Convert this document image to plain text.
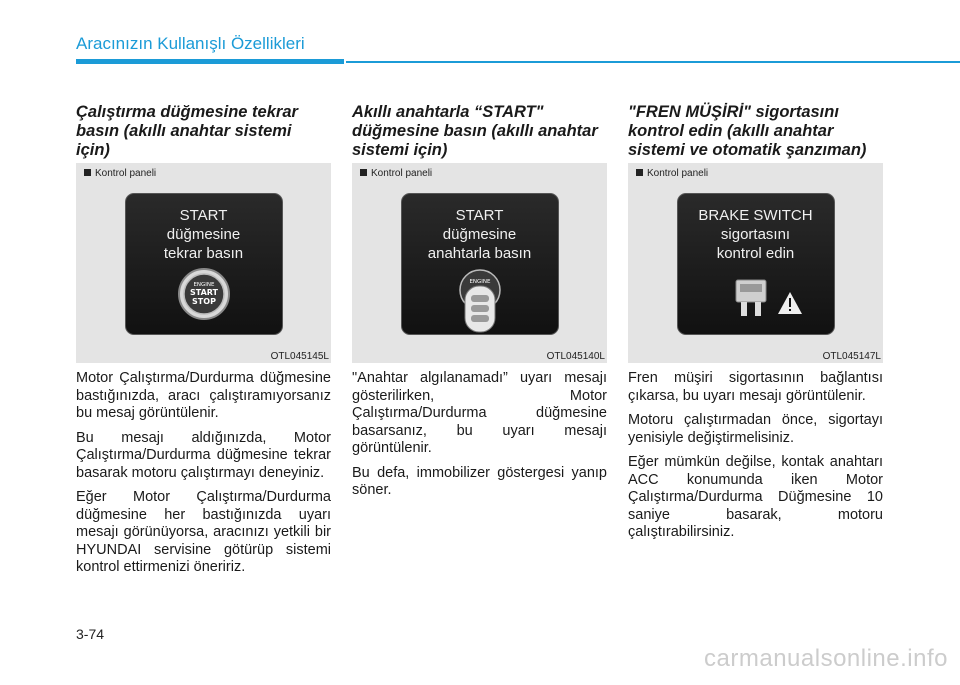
Aracınızın Kullanışlı Özellikleri
Çalıştırma düğmesine tekrar
basın (akıllı anahtar sistemi
için)
Kontrol paneli
START
düğmesine
tekrar basın
ENGINE
START
STOP
OTL045145L

Motor Çalıştırma/Durdurma düğmesine bastığınızda, aracı çalıştıramıyorsanız bu mesaj görüntülenir.

Bu mesajı aldığınızda, Motor Çalıştırma/Durdurma düğmesine tekrar basarak motoru çalıştırmayı deneyiniz.

Eğer Motor Çalıştırma/Durdurma düğmesine her bastığınızda uyarı mesajı görünüyorsa, aracınızı yetkili bir HYUNDAI servisine götürüp sistemi kontrol ettirmenizi öneririz.

Akıllı anahtarla “START"
düğmesine basın (akıllı anahtar
sistemi için)
Kontrol paneli
START
düğmesine
anahtarla basın
ENGINE
OTL045140L

"Anahtar algılanamadı” uyarı mesajı gösterilirken, Motor Çalıştırma/Durdurma düğmesine basarsanız, bu uyarı mesajı görüntülenir.

Bu defa, immobilizer göstergesi yanıp söner.

"FREN MÜŞİRİ" sigortasını
kontrol edin (akıllı anahtar
sistemi ve otomatik şanzıman)
Kontrol paneli
BRAKE SWITCH
sigortasını
kontrol edin
OTL045147L

Fren müşiri sigortasının bağlantısı çıkarsa, bu uyarı mesajı görüntülenir.

Motoru çalıştırmadan önce, sigortayı yenisiyle değiştirmelisiniz.

Eğer mümkün değilse, kontak anahtarı ACC konumunda iken Motor Çalıştırma/Durdurma Düğmesine 10 saniye basarak, motoru çalıştırabilirsiniz.

3-74
carmanualsonline.info
